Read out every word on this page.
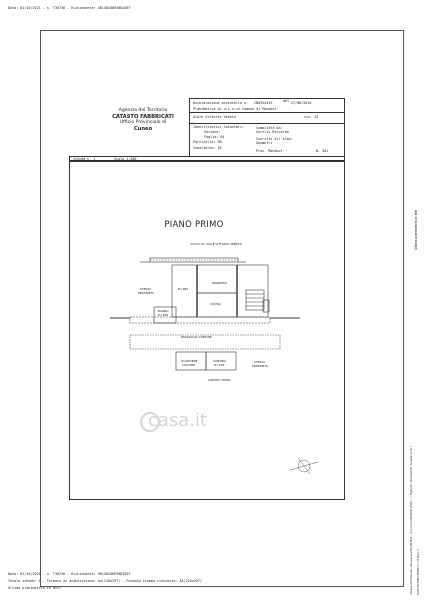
Data: 01/10/2021 - n. T30736 - Richiedente: GRLGDI66R30D205F
Agenzia del Territorio
CATASTO FABBRICATI
Ufficio Provinciale di
Cuneo
Dichiarazione protocollo n. CN0354419	del 27/08/2010
Planimetria di u.i.u.in Comune di Mondovi'
Viale Vittorio Veneto	civ. 25
Identificativi Catastali:
Sezione:
Foglio: 64
Particella: 98
Subalterno: 16
Compilata da:
Garelli Riccardo
Iscritto all'albo:
Geometri
Prov. Mondovi'	N. 301
Scheda n. 1	Scala 1:200
PIANO PRIMO
VUOTO SU VIALE VITTORIO VENETO
H=280
INGRESSO
CUCINA
STESSA
PROPRIETA
BAGNO
H=280
PASSAGGIO COMUNE
QUARTIERE
COMUNE
CANTINA
H=278
STESSA
PROPRIETA
CONTRO TERRA
casa.it
Ultima planimetria in atti
Catasto dei Fabbricati - Situazione al 01/10/2021 - Comune di MONDOVI'(F351) - < Foglio 64 - Particella 98 - Subalterno 16 > VIALE VITTORIO VENETO n. 25 Piano 1
Data: 01/10/2021 - n. T30736 - Richiedente: GRLGDI66R30D205F
Totale schede: 1 - Formato di acquisizione: A4(210x297) - Formato stampa richiesto: A4(210x297)
Ultima planimetria in atti
